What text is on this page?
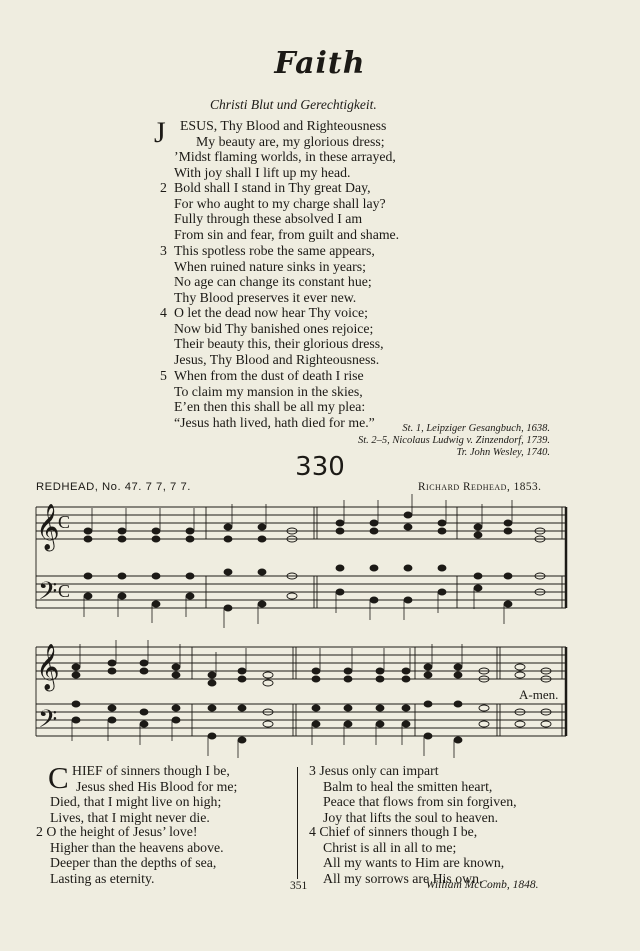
Faith
Christi Blut und Gerechtigkeit.
J	ESUS, Thy Blood and Righteousness
My beauty are, my glorious dress;
’Midst flaming worlds, in these arrayed,
With joy shall I lift up my head.
2 Bold shall I stand in Thy great Day,
For who aught to my charge shall lay?
Fully through these absolved I am
From sin and fear, from guilt and shame.
3 This spotless robe the same appears,
When ruined nature sinks in years;
No age can change its constant hue;
Thy Blood preserves it ever new.
4 O let the dead now hear Thy voice;
Now bid Thy banished ones rejoice;
Their beauty this, their glorious dress,
Jesus, Thy Blood and Righteousness.
5 When from the dust of death I rise
To claim my mansion in the skies,
E’en then this shall be all my plea:
“Jesus hath lived, hath died for me.”	St. 1, Leipziger Gesangbuch, 1638.
St. 2–5, Nicolaus Ludwig v. Zinzendorf, 1739.
Tr. John Wesley, 1740.
330
REDHEAD, No. 47. 7 7, 7 7.	Richard Redhead, 1853.
𝄞
𝄢
𝄞
𝄢
C
C
A-men.
C HIEF of sinners though I be,
Jesus shed His Blood for me;
Died, that I might live on high;
Lives, that I might never die.
2 O the height of Jesus’ love!
Higher than the heavens above.
Deeper than the depths of sea,
Lasting as eternity.
3 Jesus only can impart
Balm to heal the smitten heart,
Peace that flows from sin forgiven,
Joy that lifts the soul to heaven.
4 Chief of sinners though I be,
Christ is all in all to me;
All my wants to Him are known,
All my sorrows are His own.
351	William McComb, 1848.
